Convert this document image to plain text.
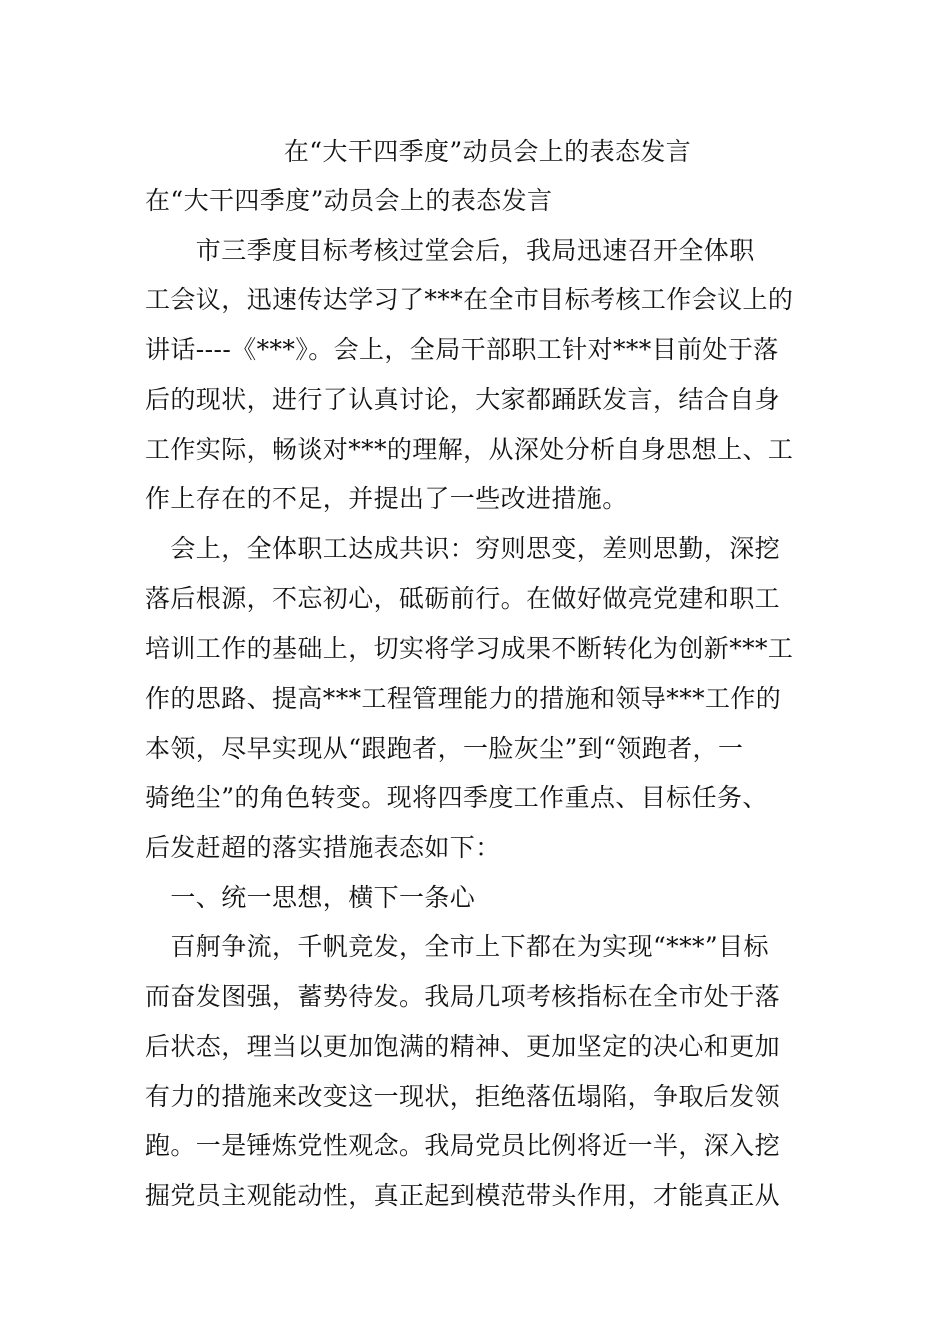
在“大干四季度”动员会上的表态发言
在“大干四季度”动员会上的表态发言
　　市三季度目标考核过堂会后，我局迅速召开全体职
工会议，迅速传达学习了***在全市目标考核工作会议上的
讲话----《***》。会上，全局干部职工针对***目前处于落
后的现状，进行了认真讨论，大家都踊跃发言，结合自身
工作实际，畅谈对***的理解，从深处分析自身思想上、工
作上存在的不足，并提出了一些改进措施。
　会上，全体职工达成共识：穷则思变，差则思勤，深挖
落后根源，不忘初心，砥砺前行。在做好做亮党建和职工
培训工作的基础上，切实将学习成果不断转化为创新***工
作的思路、提高***工程管理能力的措施和领导***工作的
本领，尽早实现从“跟跑者，一脸灰尘”到“领跑者，一
骑绝尘”的角色转变。现将四季度工作重点、目标任务、
后发赶超的落实措施表态如下：
　一、统一思想，横下一条心
　百舸争流，千帆竞发，全市上下都在为实现“***”目标
而奋发图强，蓄势待发。我局几项考核指标在全市处于落
后状态，理当以更加饱满的精神、更加坚定的决心和更加
有力的措施来改变这一现状，拒绝落伍塌陷，争取后发领
跑。一是锤炼党性观念。我局党员比例将近一半，深入挖
掘党员主观能动性，真正起到模范带头作用，才能真正从
